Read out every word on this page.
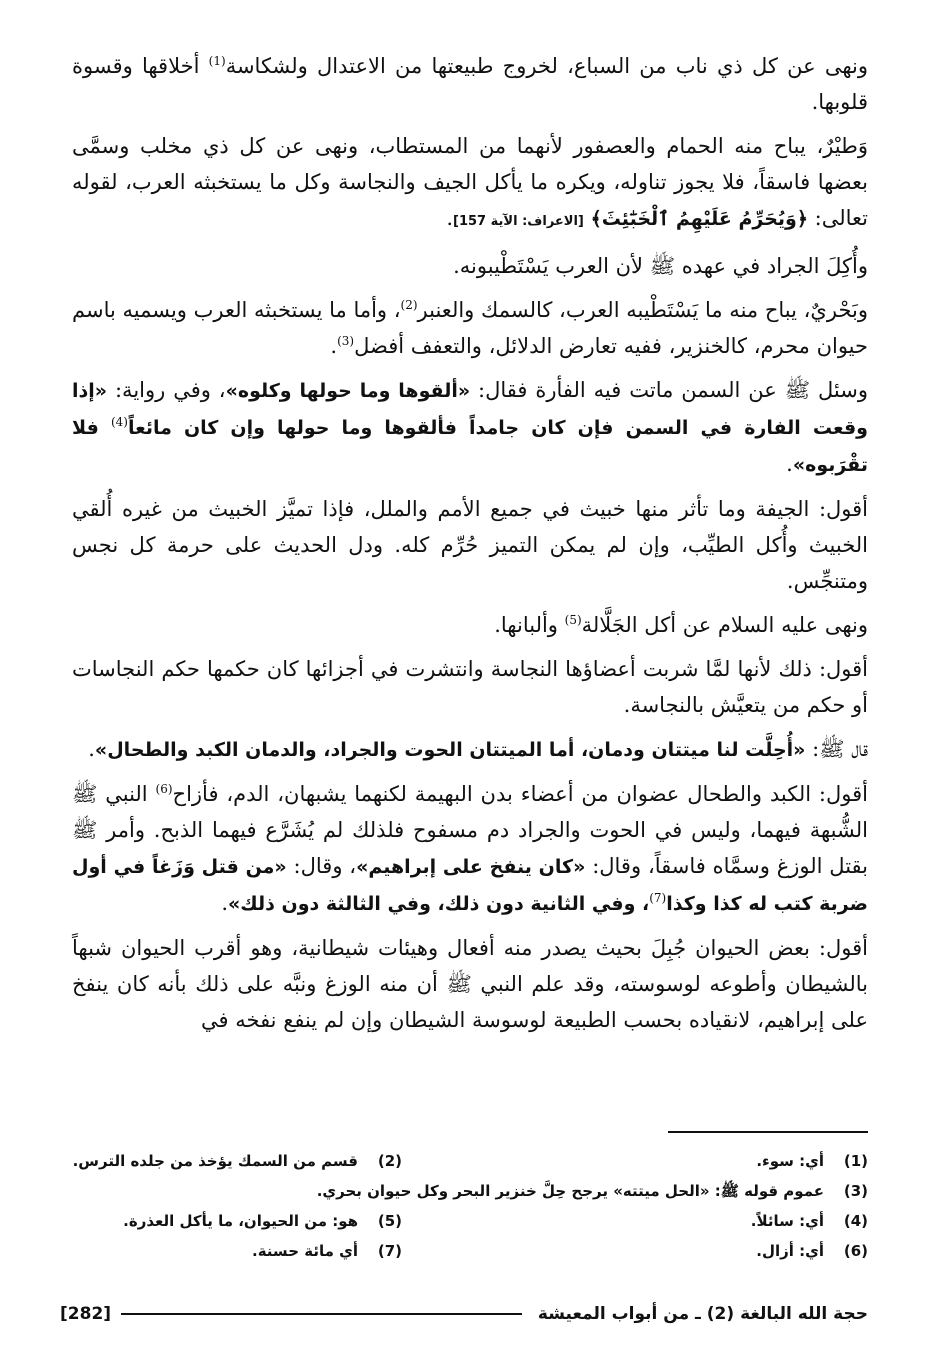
ونهى عن كل ذي ناب من السباع، لخروج طبيعتها من الاعتدال ولشكاسة$^{(1)}$ أخلاقها وقسوة قلوبها.

وَطيْرٌ، يباح منه الحمام والعصفور لأنهما من المستطاب، ونهى عن كل ذي مخلب وسمَّى بعضها فاسقاً، فلا يجوز تناوله، ويكره ما يأكل الجيف والنجاسة وكل ما يستخبثه العرب، لقوله تعالى: ﴿وَيُحَرِّمُ عَلَيْهِمُ ٱلْخَبَٰٓئِثَ﴾ [الاعراف: الآية 157].

وأُكِلَ الجراد في عهده ﷺ لأن العرب يَسْتَطْيبونه.

وبَحْريٌ، يباح منه ما يَسْتَطْيبه العرب، كالسمك والعنبر$^{(2)}$، وأما ما يستخبثه العرب ويسميه باسم حيوان محرم، كالخنزير، ففيه تعارض الدلائل، والتعفف أفضل$^{(3)}$.

وسئل ﷺ عن السمن ماتت فيه الفأرة فقال: «ألقوها وما حولها وكلوه»، وفي رواية: «إذا وقعت الفارة في السمن فإن كان جامداً فألقوها وما حولها وإن كان مائعاً$^{(4)}$ فلا تقْرَبوه».

أقول: الجيفة وما تأثر منها خبيث في جميع الأمم والملل، فإذا تميَّز الخبيث من غيره أُلقي الخبيث وأُكل الطيِّب، وإن لم يمكن التميز حُرِّم كله. ودل الحديث على حرمة كل نجس ومتنجِّس.

ونهى عليه السلام عن أكل الجَلَّالة$^{(5)}$ وألبانها.

أقول: ذلك لأنها لمَّا شربت أعضاؤها النجاسة وانتشرت في أجزائها كان حكمها حكم النجاسات أو حكم من يتعيَّش بالنجاسة.

قال ﷺ: «أُحِلَّت لنا ميتتان ودمان، أما الميتتان الحوت والجراد، والدمان الكبد والطحال».

أقول: الكبد والطحال عضوان من أعضاء بدن البهيمة لكنهما يشبهان، الدم، فأزاح$^{(6)}$ النبي ﷺ الشُّبهة فيهما، وليس في الحوت والجراد دم مسفوح فلذلك لم يُشَرَّع فيهما الذبح. وأمر ﷺ بقتل الوزغ وسمَّاه فاسقاً، وقال: «كان ينفخ على إبراهيم»، وقال: «من قتل وَزَغاً في أول ضربة كتب له كذا وكذا$^{(7)}$، وفي الثانية دون ذلك، وفي الثالثة دون ذلك».

أقول: بعض الحيوان جُبِلَ بحيث يصدر منه أفعال وهيئات شيطانية، وهو أقرب الحيوان شبهاً بالشيطان وأطوعه لوسوسته، وقد علم النبي ﷺ أن منه الوزغ ونبَّه على ذلك بأنه كان ينفخ على إبراهيم، لانقياده بحسب الطبيعة لوسوسة الشيطان وإن لم ينفع نفخه في

(1)
أي: سوء.
(2)
قسم من السمك يؤخذ من جلده الترس.
(3)
عموم قوله ﷺ: «الحل ميتته» يرجح حِلَّ خنزير البحر وكل حيوان بحري.
(4)
أي: سائلاً.
(5)
هو: من الحيوان، ما يأكل العذرة.
(6)
أي: أزال.
(7)
أي مائة حسنة.
حجة الله البالغة (2) ـ من أبواب المعيشة
[282]
